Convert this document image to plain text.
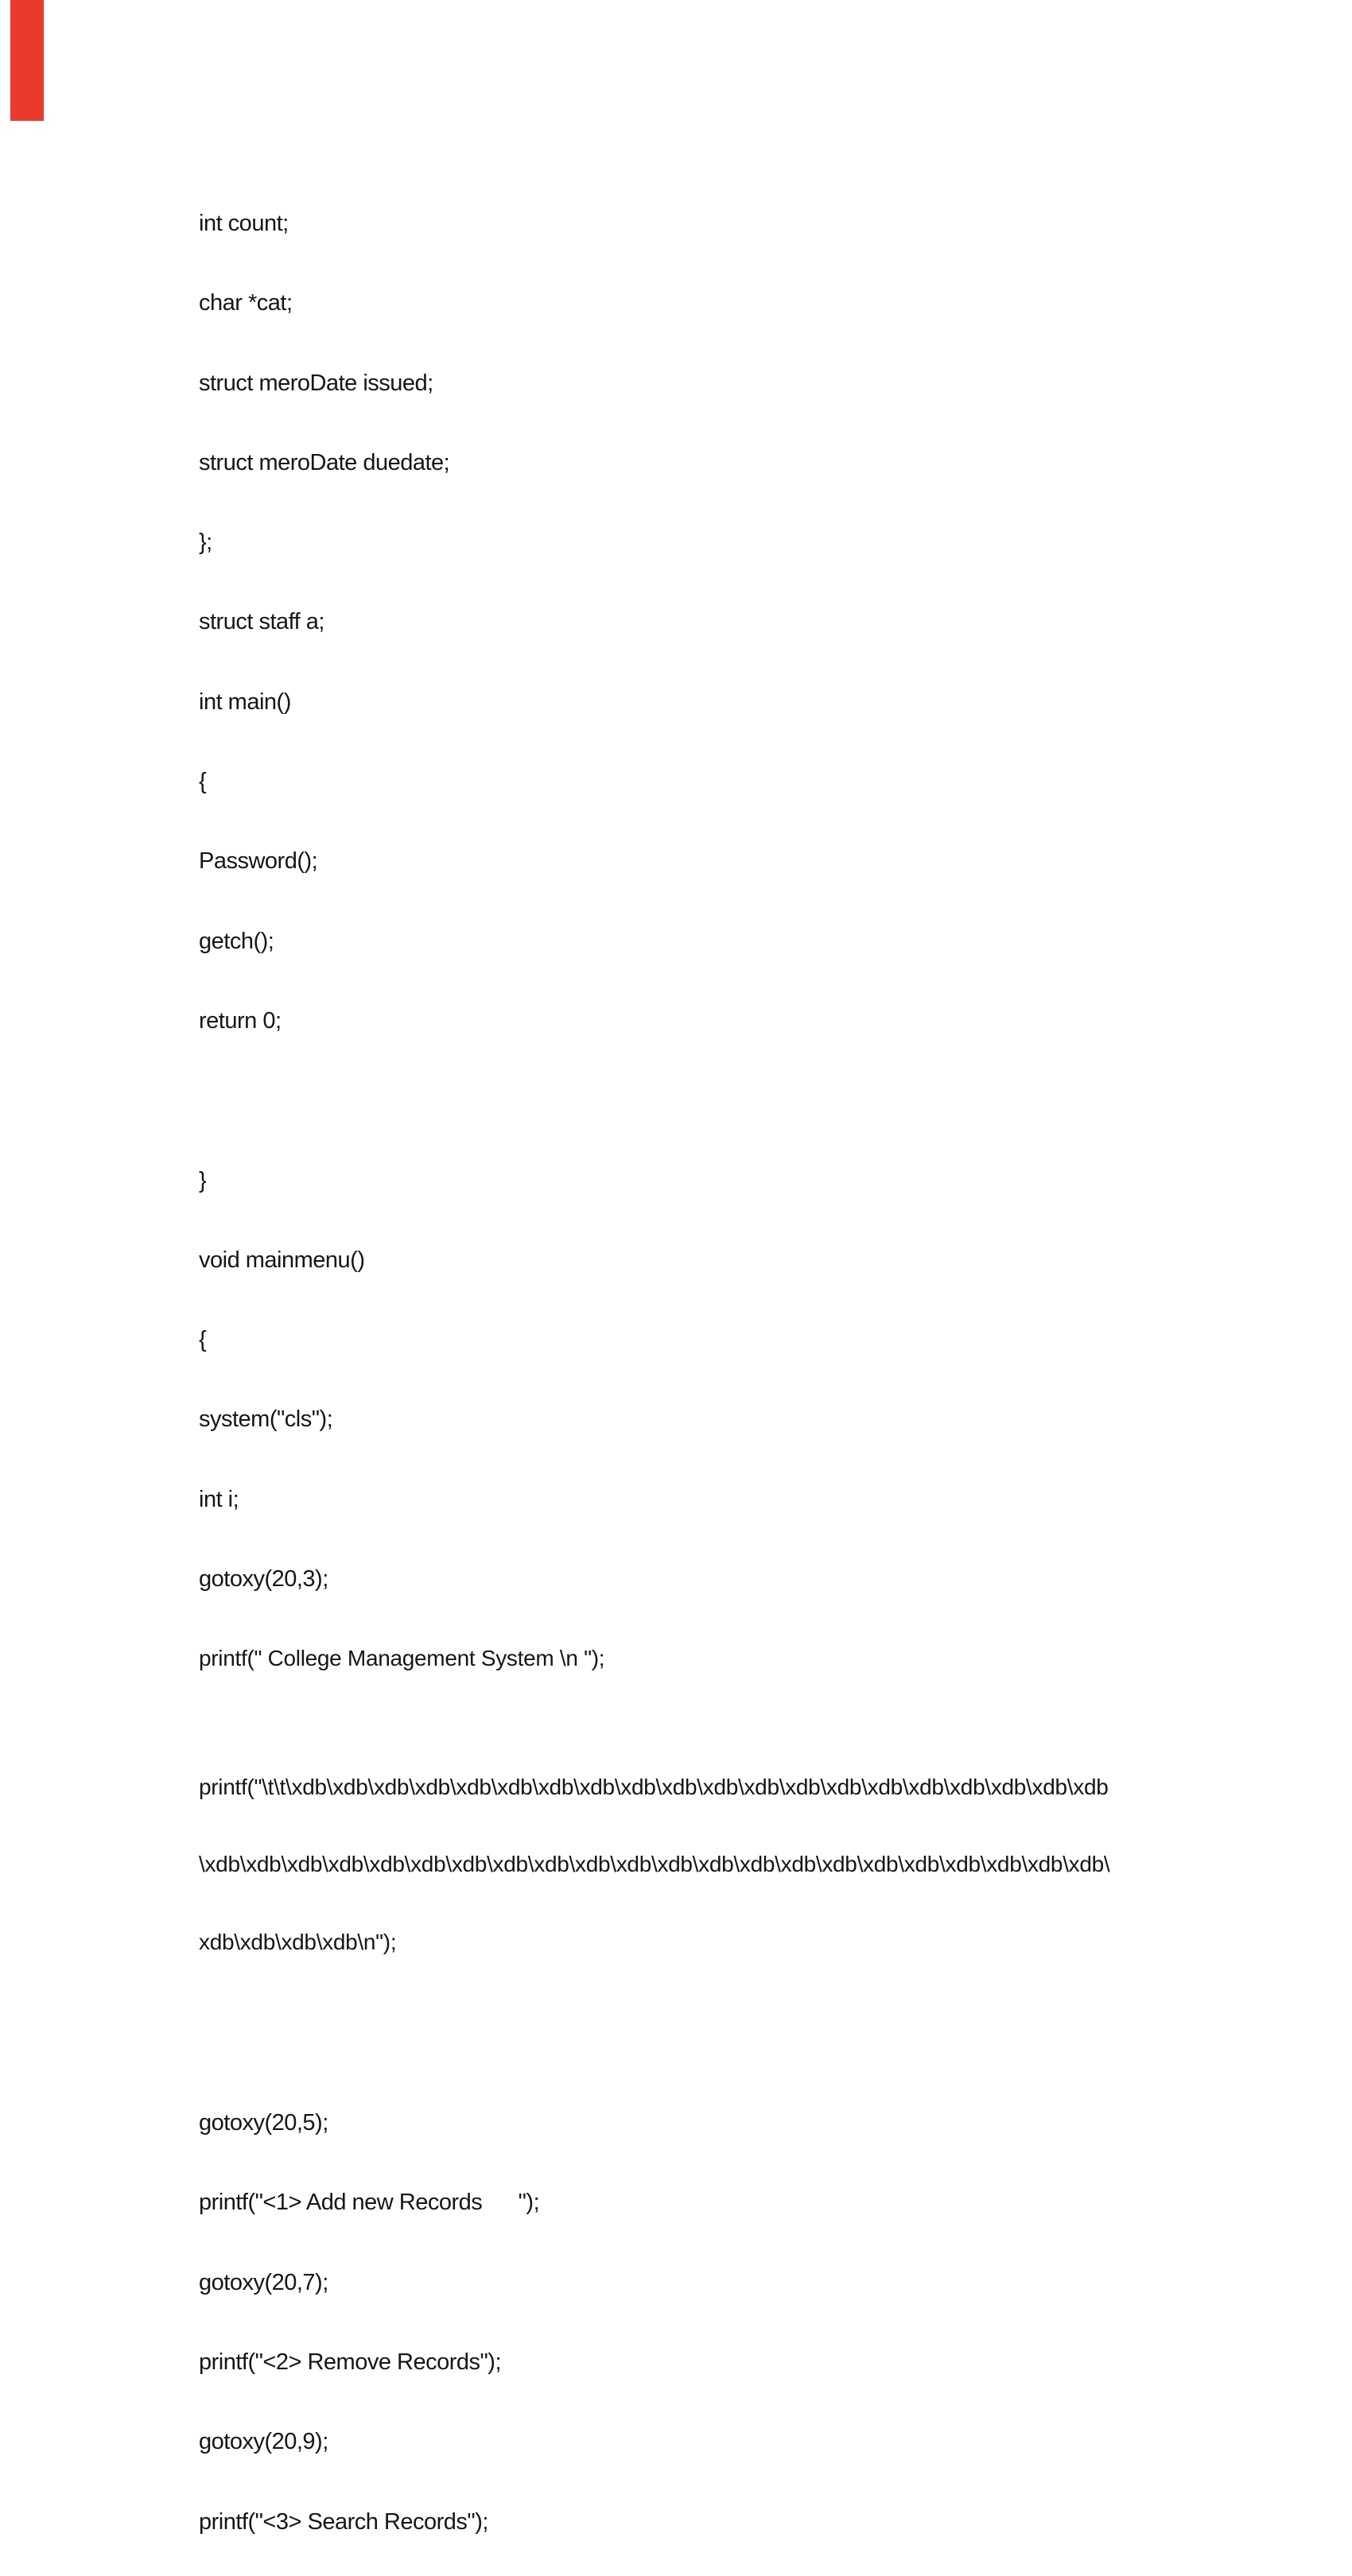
int count;

char *cat;

struct meroDate issued;

struct meroDate duedate;

};

struct staff a;

int main()

{

Password();

getch();

return 0;

}

void mainmenu()

{

system("cls");

int i;

gotoxy(20,3);

printf(" College Management System \n ");

printf("\t\t\xdb\xdb\xdb\xdb\xdb\xdb\xdb\xdb\xdb\xdb\xdb\xdb\xdb\xdb\xdb\xdb\xdb\xdb\xdb\xdb

\xdb\xdb\xdb\xdb\xdb\xdb\xdb\xdb\xdb\xdb\xdb\xdb\xdb\xdb\xdb\xdb\xdb\xdb\xdb\xdb\xdb\xdb\

xdb\xdb\xdb\xdb\n");

gotoxy(20,5);

printf("<1> Add new Records      ");

gotoxy(20,7);

printf("<2> Remove Records");

gotoxy(20,9);

printf("<3> Search Records");
